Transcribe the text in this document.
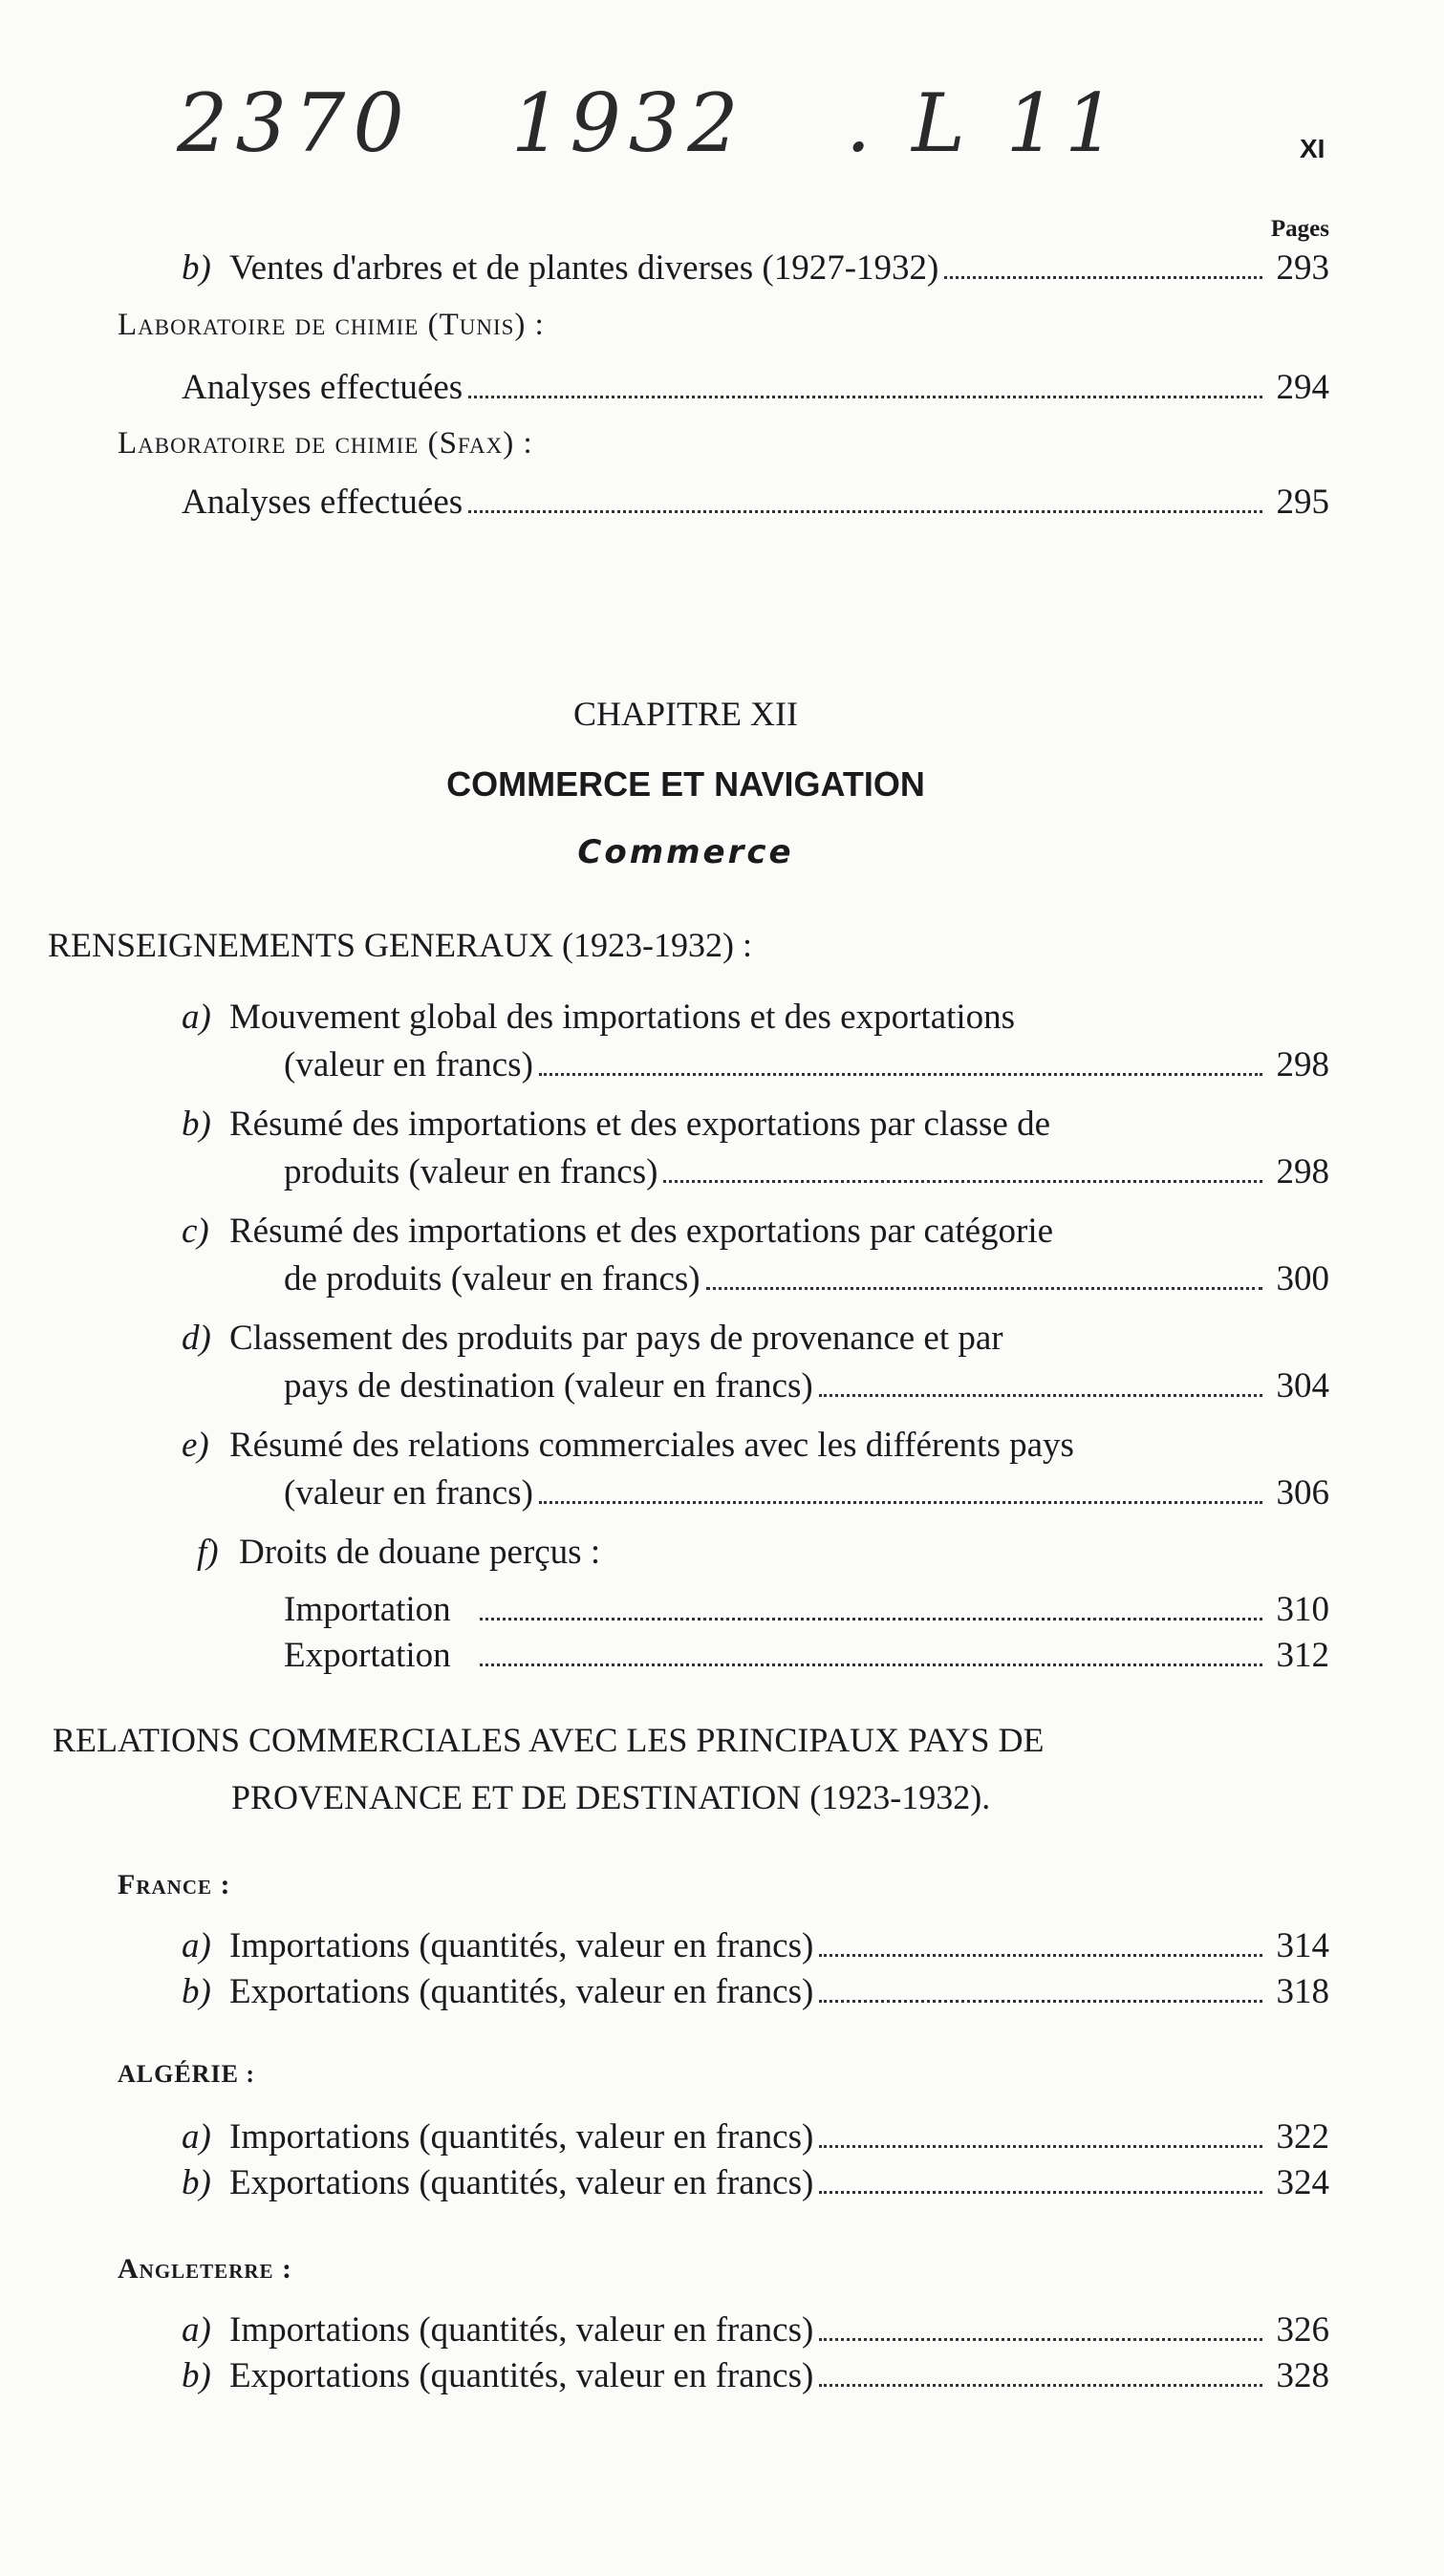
2370   1932   . L 11	XI
Pages
b) Ventes d'arbres et de plantes diverses (1927-1932)	293
Laboratoire de chimie (Tunis) :
Analyses effectuées	294
Laboratoire de chimie (Sfax) :
Analyses effectuées	295
CHAPITRE XII
COMMERCE ET NAVIGATION
Commerce
RENSEIGNEMENTS GENERAUX (1923-1932) :
a) Mouvement global des importations et des exportations
(valeur en francs)	298
b) Résumé des importations et des exportations par classe de
produits (valeur en francs)	298
c) Résumé des importations et des exportations par catégorie
de produits (valeur en francs)	300
d) Classement des produits par pays de provenance et par
pays de destination (valeur en francs)	304
e) Résumé des relations commerciales avec les différents pays
(valeur en francs)	306
f) Droits de douane perçus :
Importation	310
Exportation	312
RELATIONS COMMERCIALES AVEC LES PRINCIPAUX PAYS DE
PROVENANCE ET DE DESTINATION (1923-1932).
France :
a) Importations (quantités, valeur en francs)	314
b) Exportations (quantités, valeur en francs)	318
ALGÉRIE :
a) Importations (quantités, valeur en francs)	322
b) Exportations (quantités, valeur en francs)	324
Angleterre :
a) Importations (quantités, valeur en francs)	326
b) Exportations (quantités, valeur en francs)	328
